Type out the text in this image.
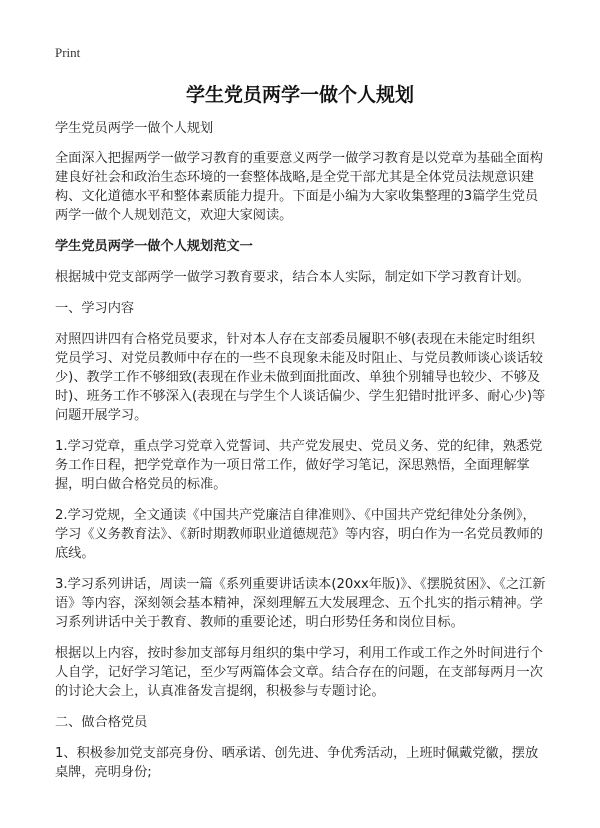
Print
学生党员两学一做个人规划

学生党员两学一做个人规划

全面深入把握两学一做学习教育的重要意义两学一做学习教育是以党章为基础全面构建良好社会和政治生态环境的一套整体战略,是全党干部尤其是全体党员法规意识建构、文化道德水平和整体素质能力提升。下面是小编为大家收集整理的3篇学生党员两学一做个人规划范文，欢迎大家阅读。

学生党员两学一做个人规划范文一

根据城中党支部两学一做学习教育要求，结合本人实际，制定如下学习教育计划。

一、学习内容

对照四讲四有合格党员要求，针对本人存在支部委员履职不够(表现在未能定时组织党员学习、对党员教师中存在的一些不良现象未能及时阻止、与党员教师谈心谈话较少)、教学工作不够细致(表现在作业未做到面批面改、单独个别辅导也较少、不够及时)、班务工作不够深入(表现在与学生个人谈话偏少、学生犯错时批评多、耐心少)等问题开展学习。

1.学习党章，重点学习党章入党誓词、共产党发展史、党员义务、党的纪律，熟悉党务工作日程，把学党章作为一项日常工作，做好学习笔记，深思熟悟，全面理解掌握，明白做合格党员的标准。

2.学习党规，全文通读《中国共产党廉洁自律准则》、《中国共产党纪律处分条例》，学习《义务教育法》、《新时期教师职业道德规范》等内容，明白作为一名党员教师的底线。

3.学习系列讲话，周读一篇《系列重要讲话读本(20xx年版)》、《摆脱贫困》、《之江新语》等内容，深刻领会基本精神，深刻理解五大发展理念、五个扎实的指示精神。学习系列讲话中关于教育、教师的重要论述，明白形势任务和岗位目标。

根据以上内容，按时参加支部每月组织的集中学习，利用工作或工作之外时间进行个人自学，记好学习笔记，至少写两篇体会文章。结合存在的问题，在支部每两月一次的讨论大会上，认真准备发言提纲，积极参与专题讨论。

二、做合格党员

1、积极参加党支部亮身份、晒承诺、创先进、争优秀活动，上班时佩戴党徽，摆放桌牌，亮明身份;
